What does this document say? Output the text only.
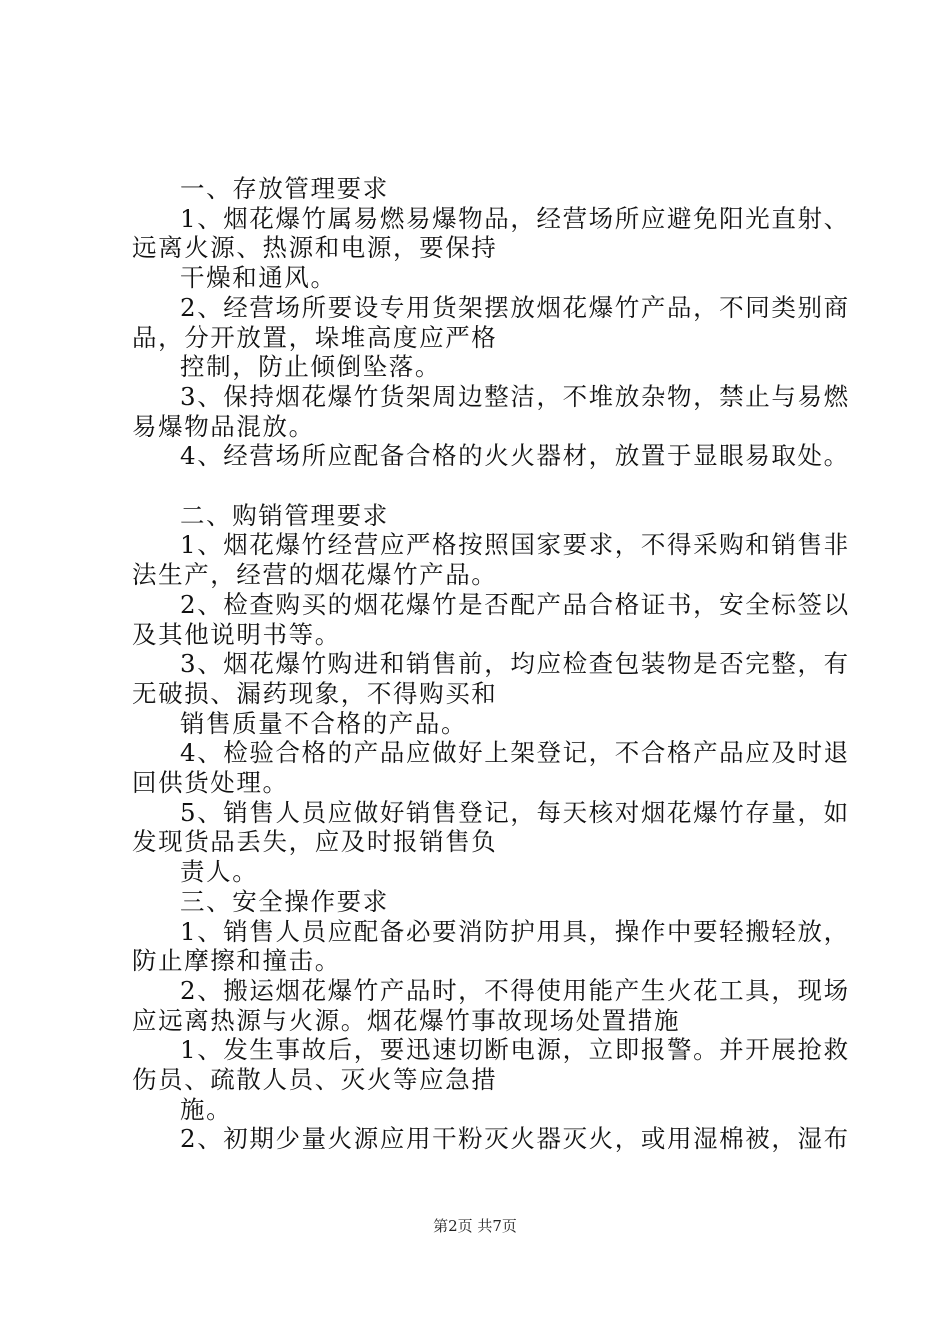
一、存放管理要求
1、烟花爆竹属易燃易爆物品，经营场所应避免阳光直射、
远离火源、热源和电源，要保持
干燥和通风。
2、经营场所要设专用货架摆放烟花爆竹产品，不同类别商
品，分开放置，垛堆高度应严格
控制，防止倾倒坠落。
3、保持烟花爆竹货架周边整洁，不堆放杂物，禁止与易燃
易爆物品混放。
4、经营场所应配备合格的火火器材，放置于显眼易取处。
二、购销管理要求
1、烟花爆竹经营应严格按照国家要求，不得采购和销售非
法生产，经营的烟花爆竹产品。
2、检查购买的烟花爆竹是否配产品合格证书，安全标签以
及其他说明书等。
3、烟花爆竹购进和销售前，均应检查包装物是否完整，有
无破损、漏药现象，不得购买和
销售质量不合格的产品。
4、检验合格的产品应做好上架登记，不合格产品应及时退
回供货处理。
5、销售人员应做好销售登记，每天核对烟花爆竹存量，如
发现货品丢失，应及时报销售负
责人。
三、安全操作要求
1、销售人员应配备必要消防护用具，操作中要轻搬轻放，
防止摩擦和撞击。
2、搬运烟花爆竹产品时，不得使用能产生火花工具，现场
应远离热源与火源。烟花爆竹事故现场处置措施
1、发生事故后，要迅速切断电源，立即报警。并开展抢救
伤员、疏散人员、灭火等应急措
施。
2、初期少量火源应用干粉灭火器灭火，或用湿棉被，湿布
第2页 共7页
